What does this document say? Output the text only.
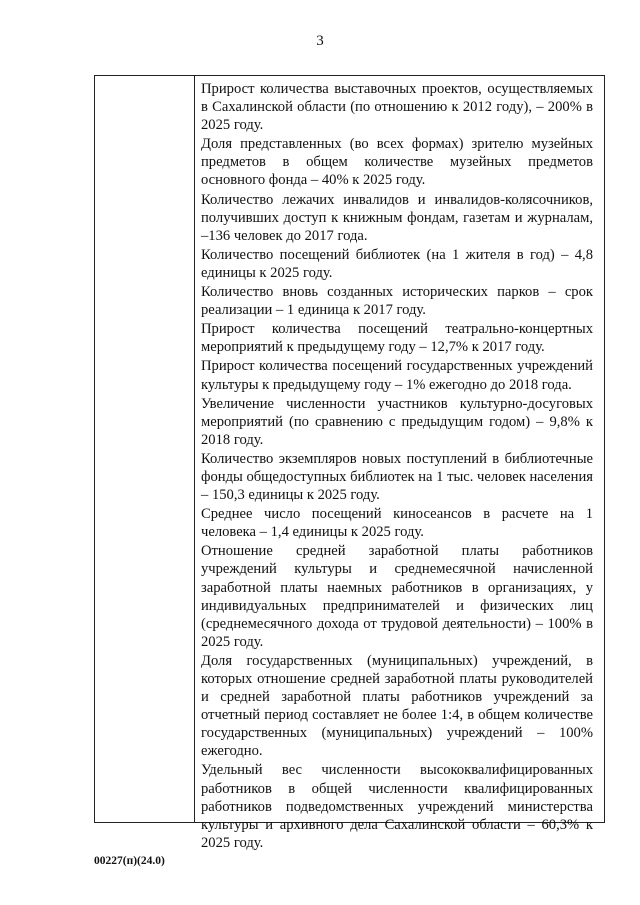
3

Прирост количества выставочных проектов, осуществляемых в Сахалинской области (по отношению к 2012 году), – 200% в 2025 году.

Доля представленных (во всех формах) зрителю музейных предметов в общем количестве музейных предметов основного фонда – 40% к 2025 году.

Количество лежачих инвалидов и инвалидов-колясочников, получивших доступ к книжным фондам, газетам и журналам, –136 человек до 2017 года.

Количество посещений библиотек (на 1 жителя в год) – 4,8 единицы к 2025 году.

Количество вновь созданных исторических парков – срок реализации – 1 единица к 2017 году.

Прирост количества посещений театрально-концертных мероприятий к предыдущему году – 12,7% к 2017 году.

Прирост количества посещений государственных учреждений культуры к предыдущему году – 1% ежегодно до 2018 года.

Увеличение численности участников культурно-досуговых мероприятий (по сравнению с предыдущим годом) – 9,8% к 2018 году.

Количество экземпляров новых поступлений в библиотечные фонды общедоступных библиотек на 1 тыс. человек населения – 150,3 единицы к 2025 году.

Среднее число посещений киносеансов в расчете на 1 человека – 1,4 единицы к 2025 году.

Отношение средней заработной платы работников учреждений культуры и среднемесячной начисленной заработной платы наемных работников в организациях, у индивидуальных предпринимателей и физических лиц (среднемесячного дохода от трудовой деятельности) – 100% в 2025 году.

Доля государственных (муниципальных) учреждений, в которых отношение средней заработной платы руководителей и средней заработной платы работников учреждений за отчетный период составляет не более 1:4, в общем количестве государственных (муниципальных) учреждений – 100% ежегодно.

Удельный вес численности высококвалифицированных работников в общей численности квалифицированных работников подведомственных учреждений министерства культуры и архивного дела Сахалинской области – 60,3% к 2025 году.

00227(п)(24.0)
